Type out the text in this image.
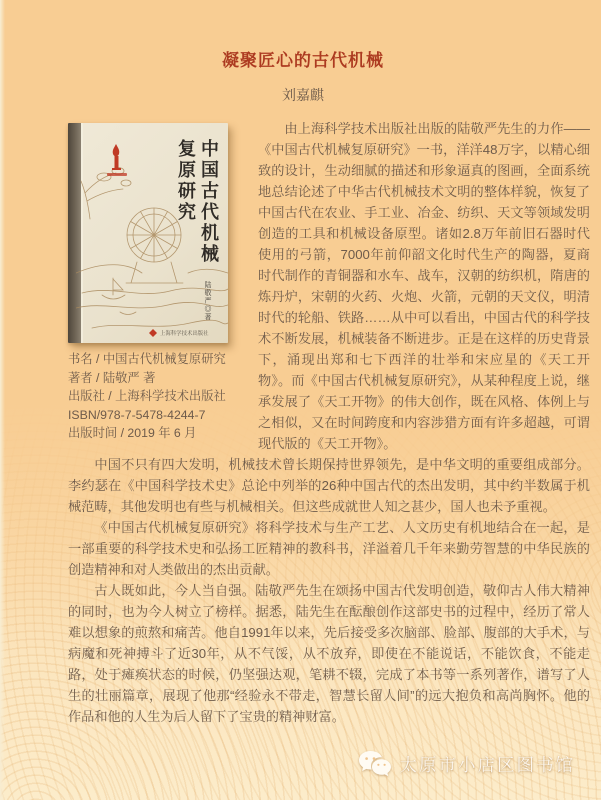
凝聚匠心的古代机械
刘嘉麒
中国古代机械
复原研究
陆敬严◎著
上海科学技术出版社
书名 / 中国古代机械复原研究
著者 / 陆敬严 著
出版社 / 上海科学技术出版社
ISBN/978-7-5478-4244-7
出版时间 / 2019 年 6 月

由上海科学技术出版社出版的陆敬严先生的力作——《中国古代机械复原研究》一书，洋洋48万字，以精心细致的设计，生动细腻的描述和形象逼真的图画，全面系统地总结论述了中华古代机械技术文明的整体样貌，恢复了中国古代在农业、手工业、冶金、纺织、天文等领域发明创造的工具和机械设备原型。诸如2.8万年前旧石器时代使用的弓箭，7000年前仰韶文化时代生产的陶器，夏商时代制作的青铜器和水车、战车，汉朝的纺织机，隋唐的炼丹炉，宋朝的火药、火炮、火箭，元朝的天文仪，明清时代的轮船、铁路……从中可以看出，中国古代的科学技术不断发展，机械装备不断进步。正是在这样的历史背景下，涌现出郑和七下西洋的壮举和宋应星的《天工开物》。而《中国古代机械复原研究》，从某种程度上说，继承发展了《天工开物》的伟大创作，既在风格、体例上与之相似，又在时间跨度和内容涉猎方面有许多超越，可谓现代版的《天工开物》。

中国不只有四大发明，机械技术曾长期保持世界领先，是中华文明的重要组成部分。李约瑟在《中国科学技术史》总论中列举的26种中国古代的杰出发明，其中约半数属于机械范畴，其他发明也有些与机械相关。但这些成就世人知之甚少，国人也未予重视。

《中国古代机械复原研究》将科学技术与生产工艺、人文历史有机地结合在一起，是一部重要的科学技术史和弘扬工匠精神的教科书，洋溢着几千年来勤劳智慧的中华民族的创造精神和对人类做出的杰出贡献。

古人既如此，今人当自强。陆敬严先生在颂扬中国古代发明创造，敬仰古人伟大精神的同时，也为今人树立了榜样。据悉，陆先生在酝酿创作这部史书的过程中，经历了常人难以想象的煎熬和痛苦。他自1991年以来，先后接受多次脑部、脸部、腹部的大手术，与病魔和死神搏斗了近30年，从不气馁，从不放弃，即使在不能说话，不能饮食，不能走路，处于瘫痪状态的时候，仍坚强达观，笔耕不辍，完成了本书等一系列著作，谱写了人生的壮丽篇章，展现了他那“经验永不带走，智慧长留人间”的远大抱负和高尚胸怀。他的作品和他的人生为后人留下了宝贵的精神财富。

太原市小店区图书馆
